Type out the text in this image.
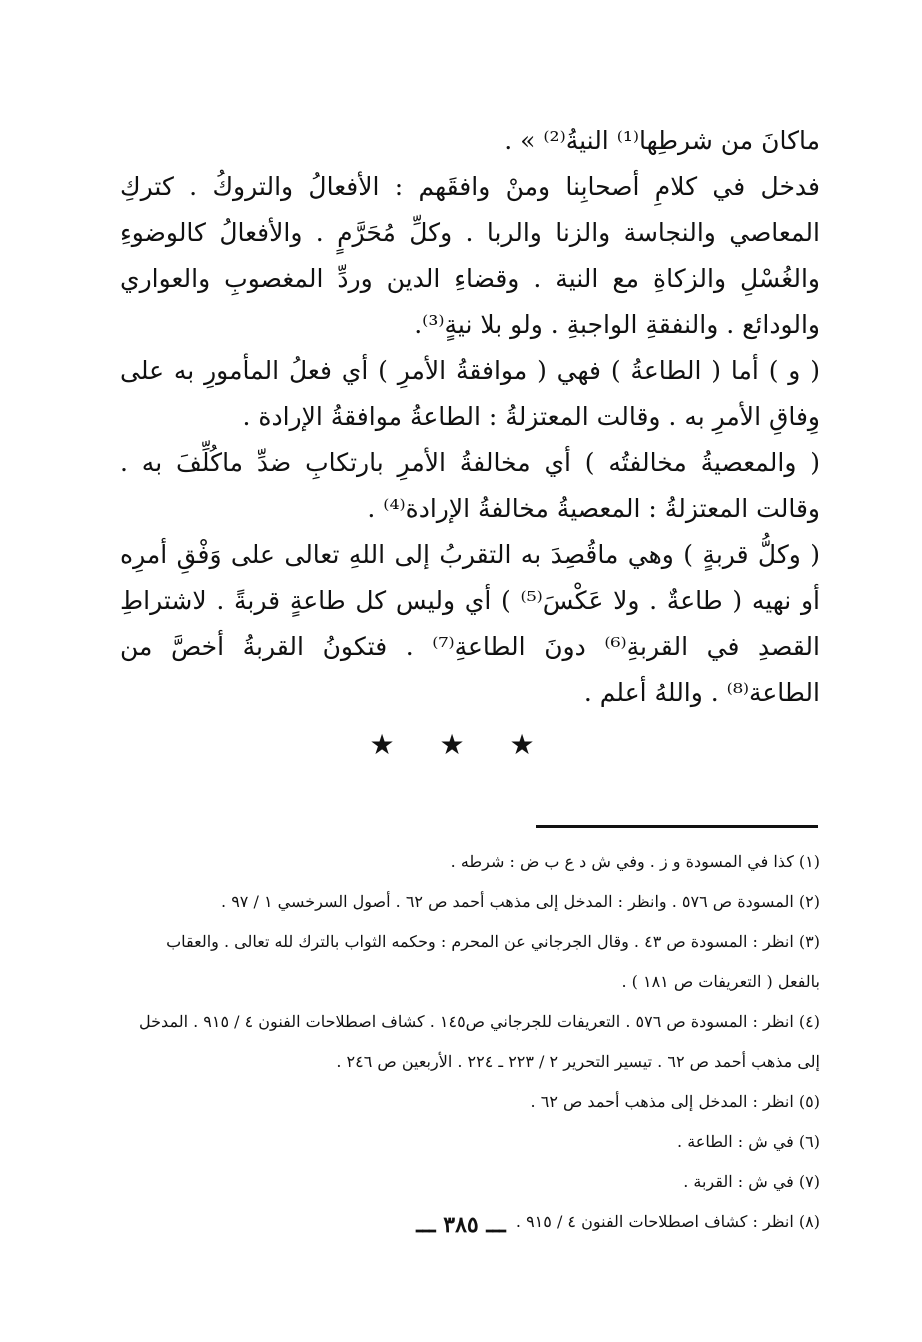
ماكانَ من شرطِها⁽¹⁾ النيةُ⁽²⁾ » .

فدخل في كلامِ أصحابِنا ومنْ وافقَهم : الأفعالُ والتروكُ . كتركِ المعاصي والنجاسة والزنا والربا . وكلِّ مُحَرَّمٍ . والأفعالُ كالوضوءِ والغُسْلِ والزكاةِ مع النية . وقضاءِ الدين وردِّ المغصوبِ والعواري والودائع . والنفقةِ الواجبةِ . ولو بلا نيةٍ⁽³⁾.

( و ) أما ( الطاعةُ ) فهي ( موافقةُ الأمرِ ) أي فعلُ المأمورِ به على وِفاقِ الأمرِ به . وقالت المعتزلةُ : الطاعةُ موافقةُ الإرادة .

( والمعصيةُ مخالفتُه ) أي مخالفةُ الأمرِ بارتكابِ ضدِّ ماكُلِّفَ به . وقالت المعتزلةُ : المعصيةُ مخالفةُ الإرادة⁽⁴⁾ .

( وكلُّ قربةٍ ) وهي ماقُصِدَ به التقربُ إلى اللهِ تعالى على وَفْقِ أمرِه أو نهيه ( طاعةٌ . ولا عَكْسَ⁽⁵⁾ ) أي وليس كل طاعةٍ قربةً . لاشتراطِ القصدِ في القربةِ⁽⁶⁾ دونَ الطاعةِ⁽⁷⁾ . فتكونُ القربةُ أخصَّ من الطاعة⁽⁸⁾ . واللهُ أعلم .

★ ★ ★

(١) كذا في المسودة و ز . وفي ش د ع ب ض : شرطه .

(٢) المسودة ص ٥٧٦ . وانظر : المدخل إلى مذهب أحمد ص ٦٢ . أصول السرخسي ١ / ٩٧ .

(٣) انظر : المسودة ص ٤٣ . وقال الجرجاني عن المحرم : وحكمه الثواب بالترك لله تعالى . والعقاب بالفعل ( التعريفات ص ١٨١ ) .

(٤) انظر : المسودة ص ٥٧٦ . التعريفات للجرجاني ص١٤٥ . كشاف اصطلاحات الفنون ٤ / ٩١٥ . المدخل إلى مذهب أحمد ص ٦٢ . تيسير التحرير ٢ / ٢٢٣ ـ ٢٢٤ . الأربعين ص ٢٤٦ .

(٥) انظر : المدخل إلى مذهب أحمد ص ٦٢ .

(٦) في ش : الطاعة .

(٧) في ش : القربة .

(٨) انظر : كشاف اصطلاحات الفنون ٤ / ٩١٥ .

ـــ ٣٨٥ ـــ
